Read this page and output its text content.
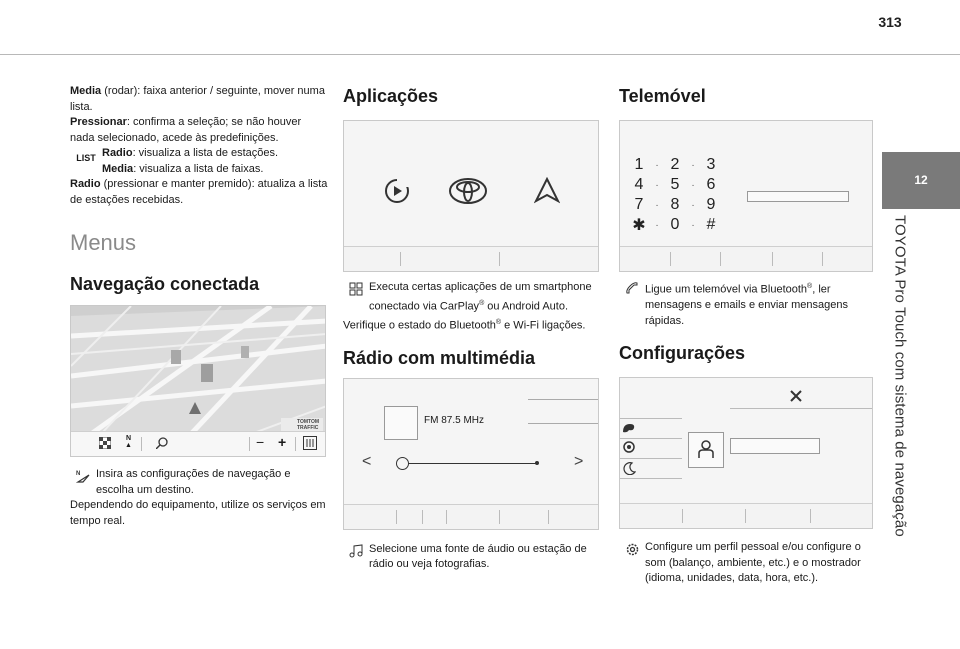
313
12
TOYOTA Pro Touch com sistema de navegação

Media (rodar): faixa anterior / seguinte, mover numa lista.

Pressionar: confirma a seleção; se não houver nada selecionado, acede às predefinições.

LIST Radio: visualiza a lista de estações.

Media: visualiza a lista de faixas.

Radio (pressionar e manter premido): atualiza a lista de estações recebidas.

Menus
Navegação conectada
TOMTOM
TRAFFIC
N
▲	− +
N Insira as configurações de navegação e escolha um destino.

Dependendo do equipamento, utilize os serviços em tempo real.

Aplicações

Executa certas aplicações de um smartphone conectado via CarPlay® ou Android Auto.

Verifique o estado do Bluetooth® e Wi-Fi ligações.

Rádio com multimédia
FM 87.5 MHz
<	>

Selecione uma fonte de áudio ou estação de rádio ou veja fotografias.

Telemóvel
1 · 2 · 3
4 · 5 · 6
7 · 8 · 9
✱ · 0 · #

Ligue um telemóvel via Bluetooth®, ler mensagens e emails e enviar mensagens rápidas.

Configurações

Configure um perfil pessoal e/ou configure o som (balanço, ambiente, etc.) e o mostrador (idioma, unidades, data, hora, etc.).
